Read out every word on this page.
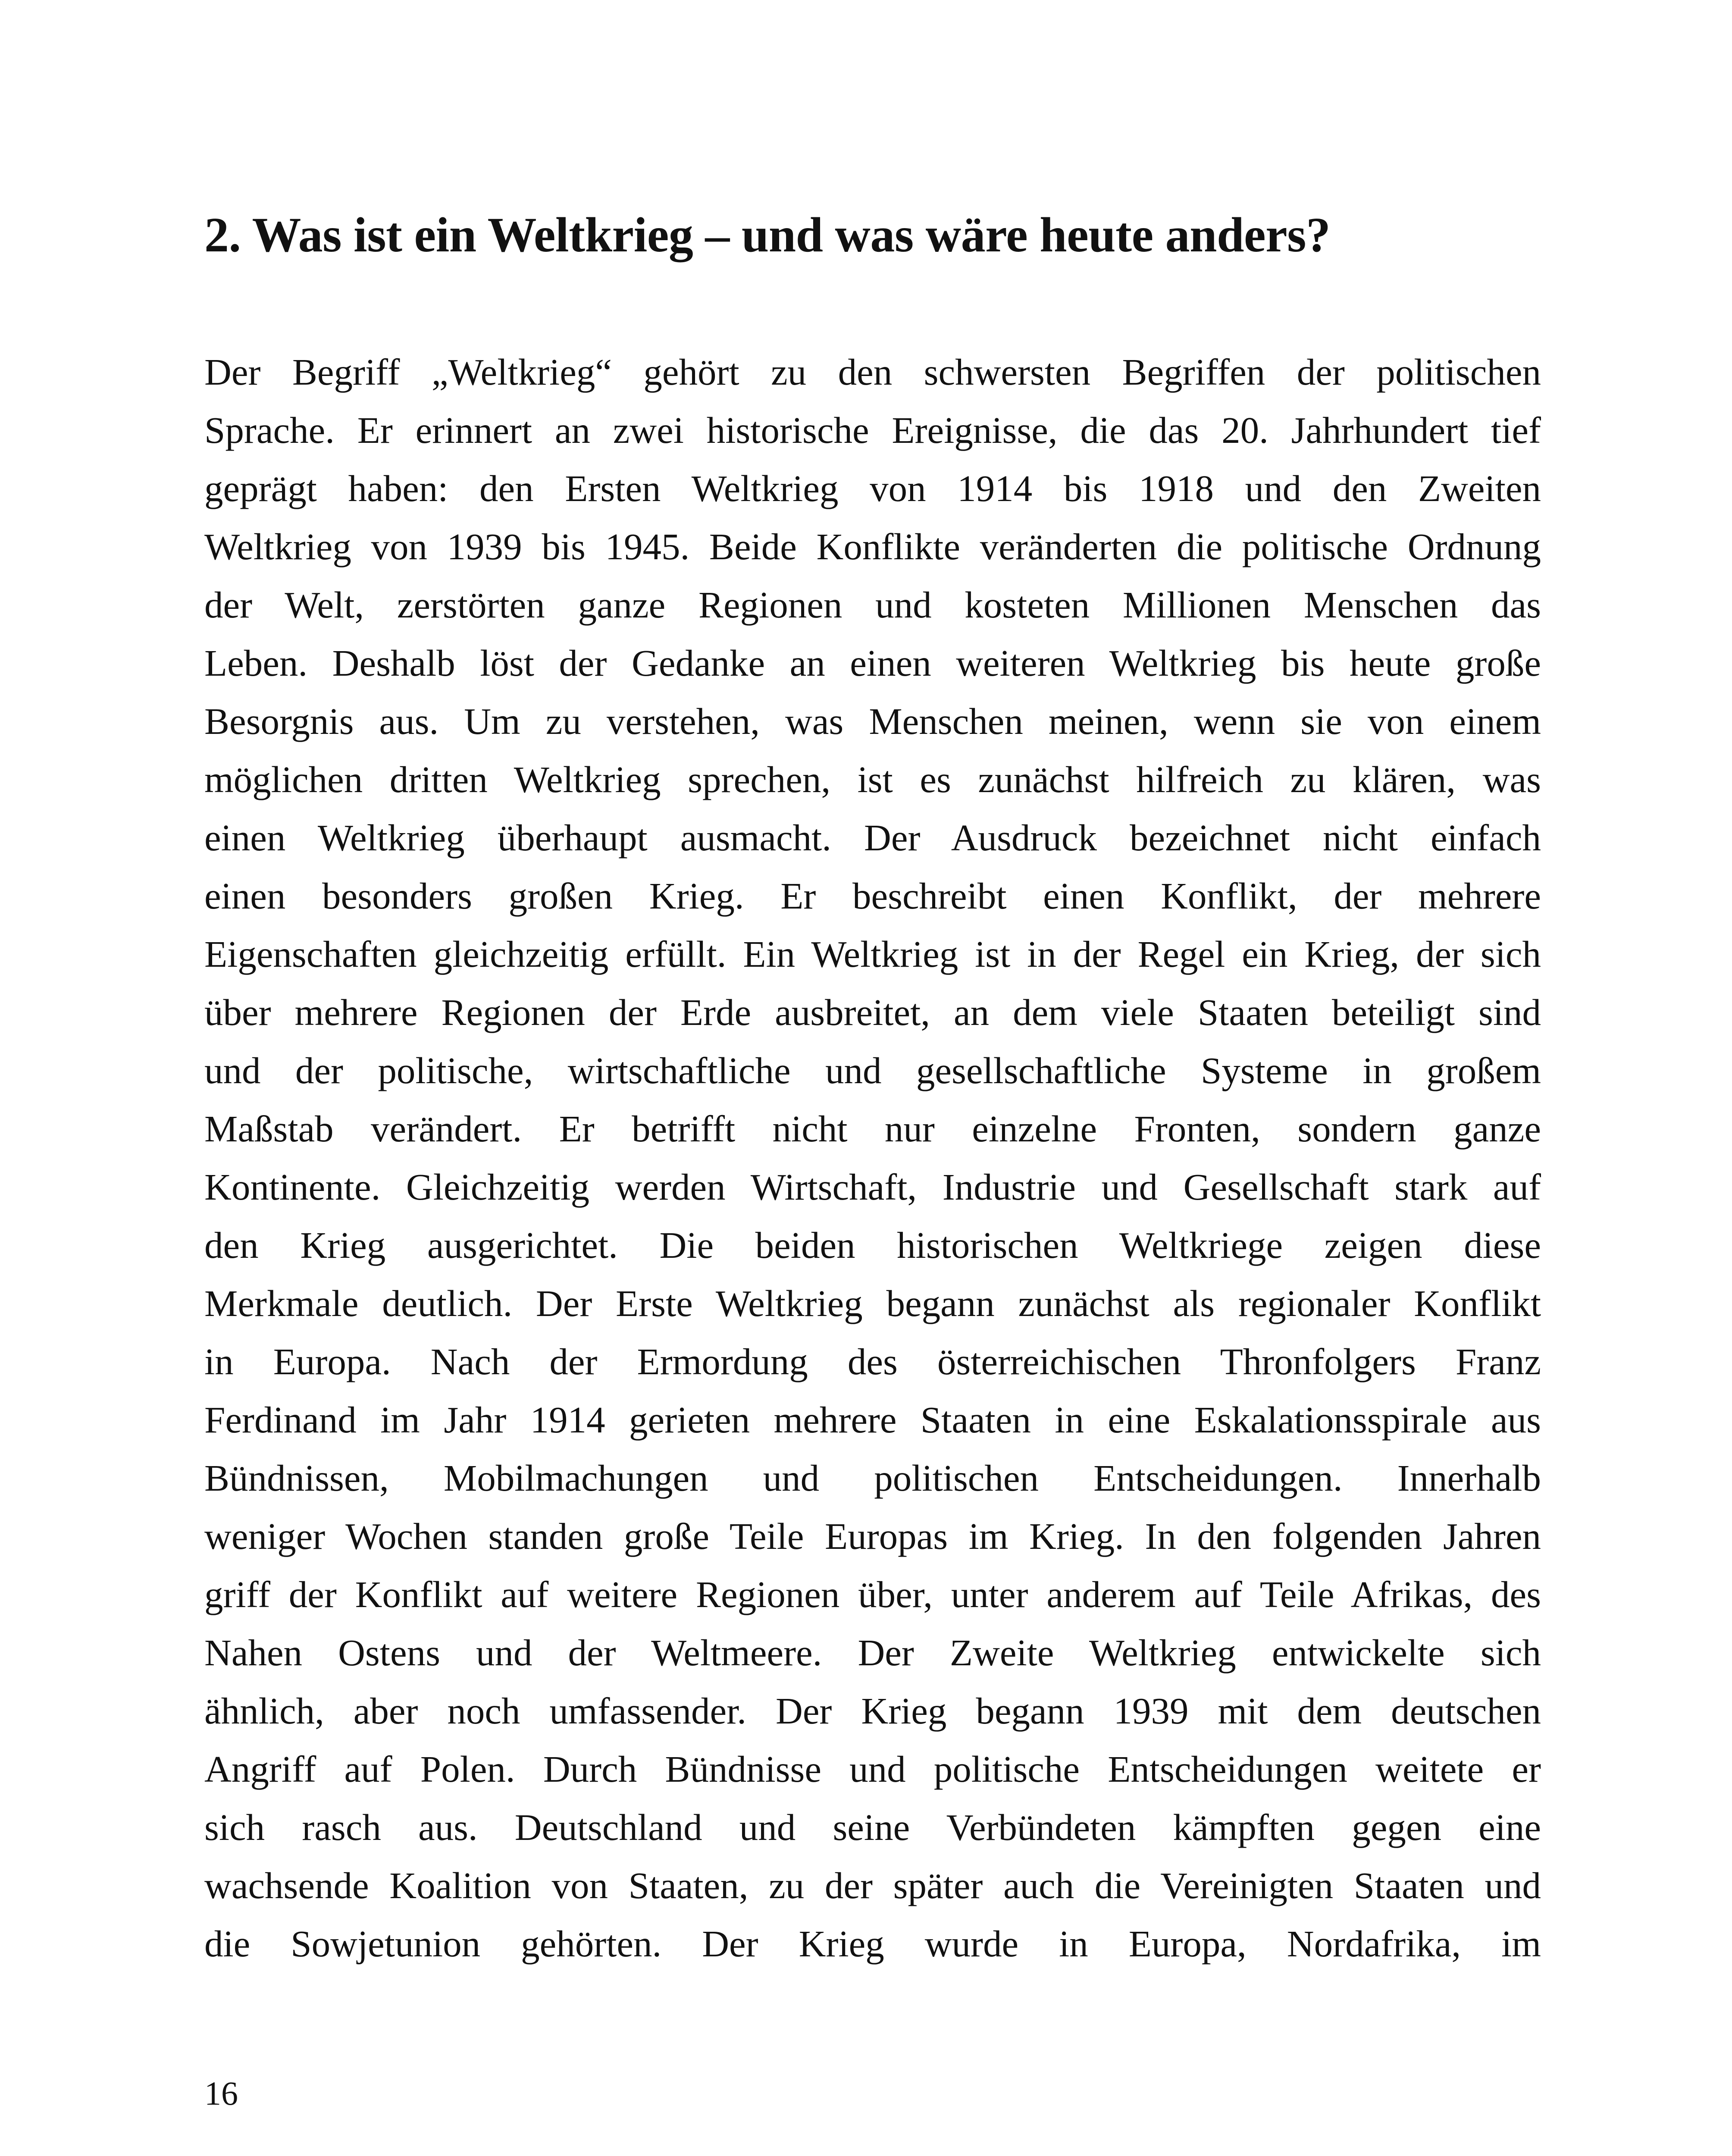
2. Was ist ein Weltkrieg – und was wäre heute anders?
Der Begriff „Weltkrieg“ gehört zu den schwersten Begriffen der politischen
Sprache. Er erinnert an zwei historische Ereignisse, die das 20. Jahrhundert tief
geprägt haben: den Ersten Weltkrieg von 1914 bis 1918 und den Zweiten
Weltkrieg von 1939 bis 1945. Beide Konflikte veränderten die politische Ordnung
der Welt, zerstörten ganze Regionen und kosteten Millionen Menschen das
Leben. Deshalb löst der Gedanke an einen weiteren Weltkrieg bis heute große
Besorgnis aus. Um zu verstehen, was Menschen meinen, wenn sie von einem
möglichen dritten Weltkrieg sprechen, ist es zunächst hilfreich zu klären, was
einen Weltkrieg überhaupt ausmacht. Der Ausdruck bezeichnet nicht einfach
einen besonders großen Krieg. Er beschreibt einen Konflikt, der mehrere
Eigenschaften gleichzeitig erfüllt. Ein Weltkrieg ist in der Regel ein Krieg, der sich
über mehrere Regionen der Erde ausbreitet, an dem viele Staaten beteiligt sind
und der politische, wirtschaftliche und gesellschaftliche Systeme in großem
Maßstab verändert. Er betrifft nicht nur einzelne Fronten, sondern ganze
Kontinente. Gleichzeitig werden Wirtschaft, Industrie und Gesellschaft stark auf
den Krieg ausgerichtet. Die beiden historischen Weltkriege zeigen diese
Merkmale deutlich. Der Erste Weltkrieg begann zunächst als regionaler Konflikt
in Europa. Nach der Ermordung des österreichischen Thronfolgers Franz
Ferdinand im Jahr 1914 gerieten mehrere Staaten in eine Eskalationsspirale aus
Bündnissen, Mobilmachungen und politischen Entscheidungen. Innerhalb
weniger Wochen standen große Teile Europas im Krieg. In den folgenden Jahren
griff der Konflikt auf weitere Regionen über, unter anderem auf Teile Afrikas, des
Nahen Ostens und der Weltmeere. Der Zweite Weltkrieg entwickelte sich
ähnlich, aber noch umfassender. Der Krieg begann 1939 mit dem deutschen
Angriff auf Polen. Durch Bündnisse und politische Entscheidungen weitete er
sich rasch aus. Deutschland und seine Verbündeten kämpften gegen eine
wachsende Koalition von Staaten, zu der später auch die Vereinigten Staaten und
die Sowjetunion gehörten. Der Krieg wurde in Europa, Nordafrika, im

16
